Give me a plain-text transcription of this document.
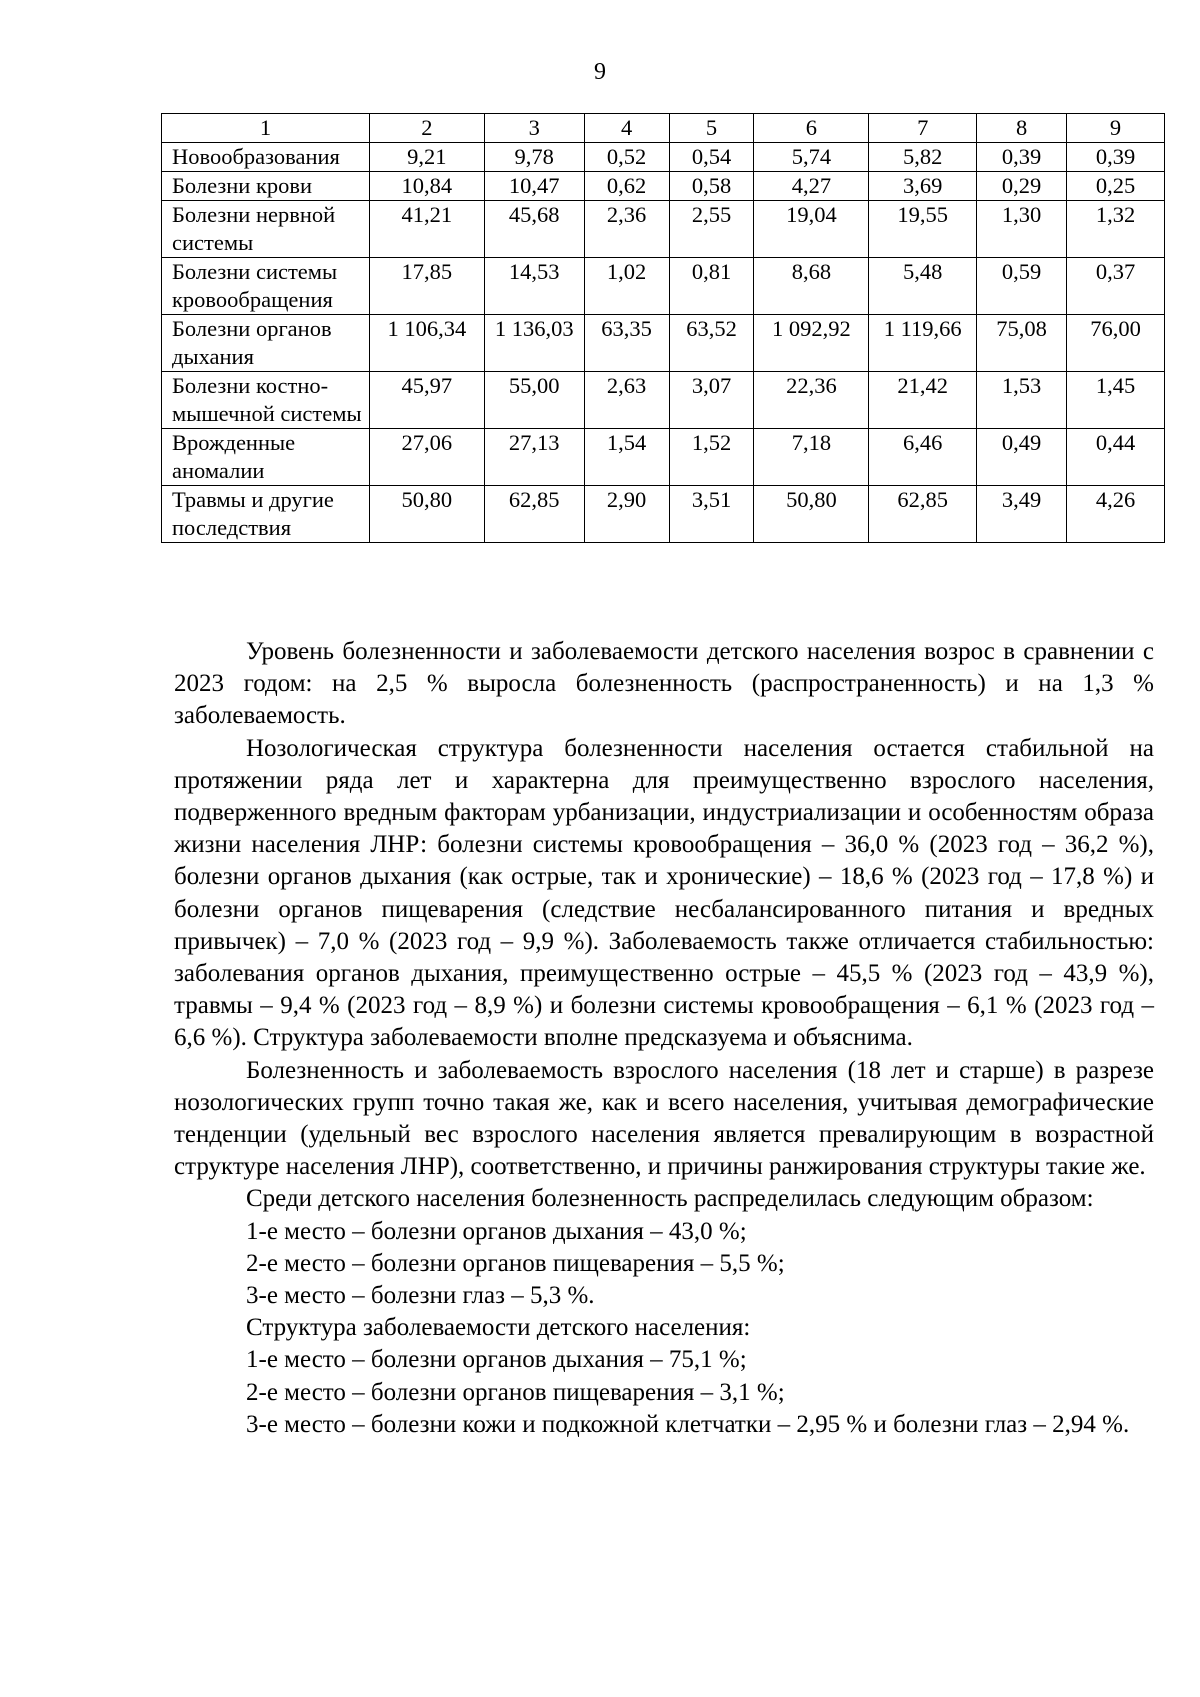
9
1	2	3	4	5	6	7	8	9
Новообразования	9,21	9,78	0,52	0,54	5,74	5,82	0,39	0,39
Болезни крови	10,84	10,47	0,62	0,58	4,27	3,69	0,29	0,25
Болезни нервной системы	41,21	45,68	2,36	2,55	19,04	19,55	1,30	1,32
Болезни системы кровообращения	17,85	14,53	1,02	0,81	8,68	5,48	0,59	0,37
Болезни органов дыхания	1 106,34	1 136,03	63,35	63,52	1 092,92	1 119,66	75,08	76,00
Болезни костно-мышечной системы	45,97	55,00	2,63	3,07	22,36	21,42	1,53	1,45
Врожденные аномалии	27,06	27,13	1,54	1,52	7,18	6,46	0,49	0,44
Травмы и другие последствия	50,80	62,85	2,90	3,51	50,80	62,85	3,49	4,26

Уровень болезненности и заболеваемости детского населения возрос в сравнении с 2023 годом: на 2,5 % выросла болезненность (распространенность) и на 1,3 % заболеваемость.

Нозологическая структура болезненности населения остается стабильной на протяжении ряда лет и характерна для преимущественно взрослого населения, подверженного вредным факторам урбанизации, индустриализации и особенностям образа жизни населения ЛНР: болезни системы кровообращения – 36,0 % (2023 год – 36,2 %), болезни органов дыхания (как острые, так и хронические) – 18,6 % (2023 год – 17,8 %) и болезни органов пищеварения (следствие несбалансированного питания и вредных привычек) – 7,0 % (2023 год – 9,9 %). Заболеваемость также отличается стабильностью: заболевания органов дыхания, преимущественно острые – 45,5 % (2023 год – 43,9 %), травмы – 9,4 % (2023 год – 8,9 %) и болезни системы кровообращения – 6,1 % (2023 год – 6,6 %). Структура заболеваемости вполне предсказуема и объяснима.

Болезненность и заболеваемость взрослого населения (18 лет и старше) в разрезе нозологических групп точно такая же, как и всего населения, учитывая демографические тенденции (удельный вес взрослого населения является превалирующим в возрастной структуре населения ЛНР), соответственно, и причины ранжирования структуры такие же.

Среди детского населения болезненность распределилась следующим образом:

1-е место – болезни органов дыхания – 43,0 %;

2-е место – болезни органов пищеварения – 5,5 %;

3-е место – болезни глаз – 5,3 %.

Структура заболеваемости детского населения:

1-е место – болезни органов дыхания – 75,1 %;

2-е место – болезни органов пищеварения – 3,1 %;

3-е место – болезни кожи и подкожной клетчатки – 2,95 % и болезни глаз – 2,94 %.
